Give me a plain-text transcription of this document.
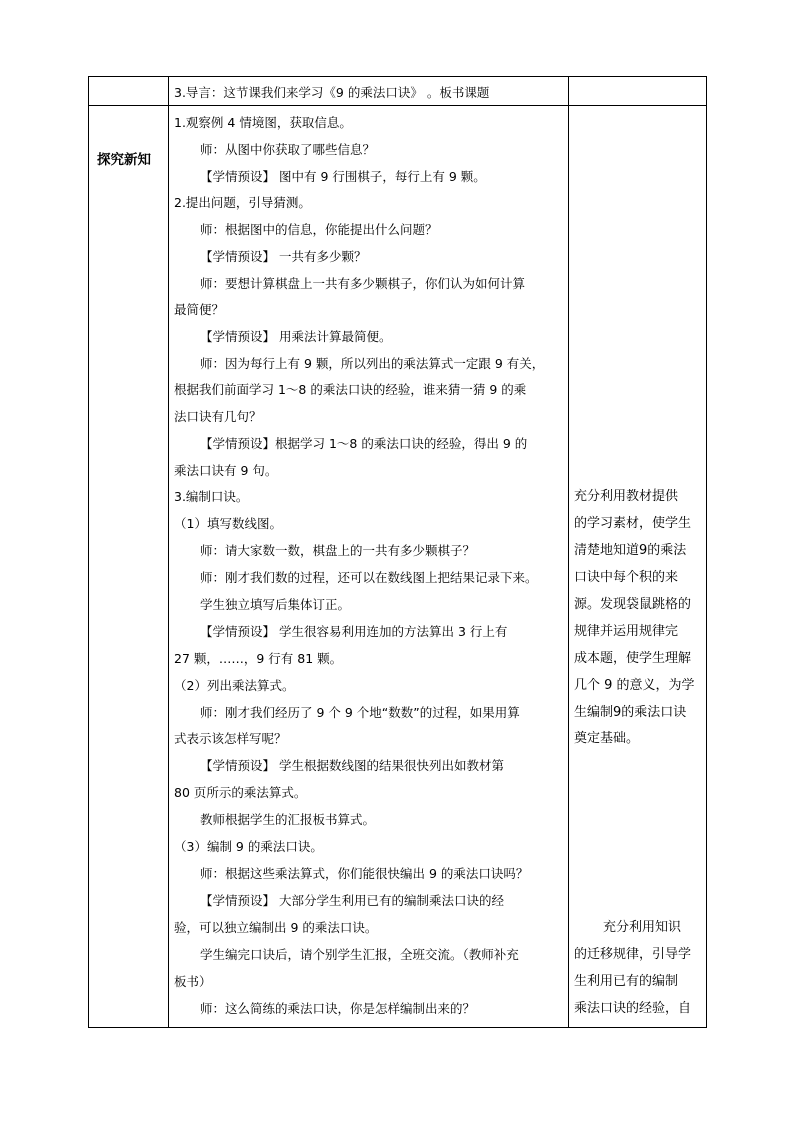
3.导言：这节课我们来学习《9 的乘法口诀》 。板书课题
探究新知
1.观察例 4 情境图，获取信息。
师：从图中你获取了哪些信息？
【学情预设】 图中有 9 行围棋子，每行上有 9 颗。
2.提出问题，引导猜测。
师：根据图中的信息，你能提出什么问题？
【学情预设】 一共有多少颗？
师：要想计算棋盘上一共有多少颗棋子，你们认为如何计算
最简便？
【学情预设】 用乘法计算最简便。
师：因为每行上有 9 颗，所以列出的乘法算式一定跟 9 有关，
根据我们前面学习 1～8 的乘法口诀的经验，谁来猜一猜 9 的乘
法口诀有几句？
【学情预设】根据学习 1～8 的乘法口诀的经验，得出 9 的
乘法口诀有 9 句。
3.编制口诀。
（1）填写数线图。
师：请大家数一数，棋盘上的一共有多少颗棋子？
师：刚才我们数的过程，还可以在数线图上把结果记录下来。
学生独立填写后集体订正。
【学情预设】 学生很容易利用连加的方法算出 3 行上有
27 颗，……，9 行有 81 颗。
（2）列出乘法算式。
师：刚才我们经历了 9 个 9 个地“数数”的过程，如果用算
式表示该怎样写呢？
【学情预设】 学生根据数线图的结果很快列出如教材第
80 页所示的乘法算式。
教师根据学生的汇报板书算式。
（3）编制 9 的乘法口诀。
师：根据这些乘法算式，你们能很快编出 9 的乘法口诀吗？
【学情预设】 大部分学生利用已有的编制乘法口诀的经
验，可以独立编制出 9 的乘法口诀。
学生编完口诀后，请个别学生汇报，全班交流。（教师补充
板书）
师：这么简练的乘法口诀，你是怎样编制出来的？
充分利用教材提供
的学习素材，使学生
清楚地知道9的乘法
口诀中每个积的来
源。发现袋鼠跳格的
规律并运用规律完
成本题，使学生理解
几个 9 的意义，为学
生编制9的乘法口诀
奠定基础。
充分利用知识
的迁移规律，引导学
生利用已有的编制
乘法口诀的经验，自
